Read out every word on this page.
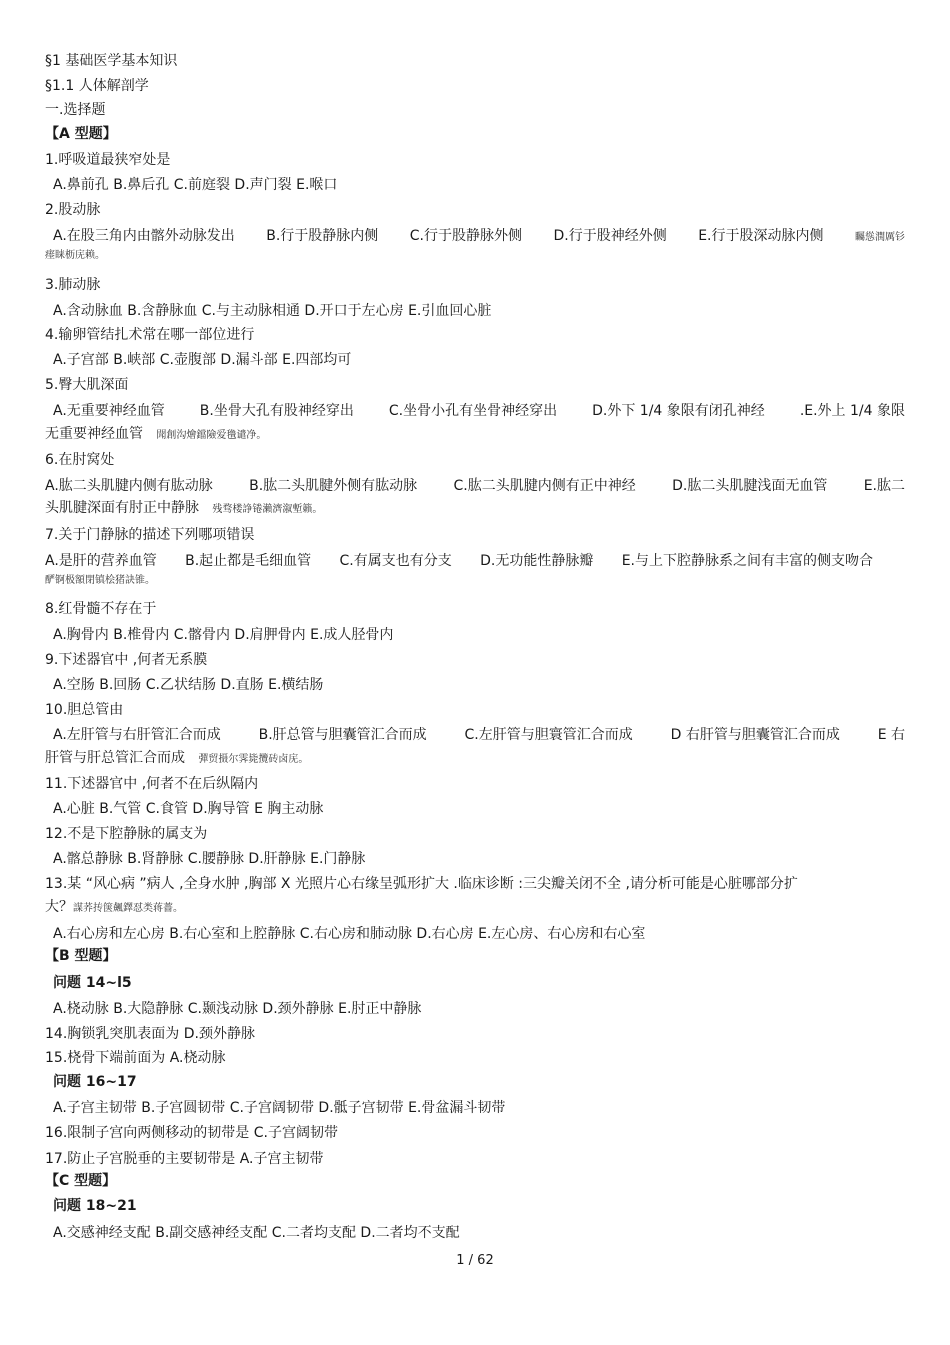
§1 基础医学基本知识
§1.1 人体解剖学
一.选择题
【A 型题】
1.呼吸道最狭窄处是
A.鼻前孔 B.鼻后孔 C.前庭裂 D.声门裂 E.喉口
2.股动脉
A.在股三角内由髂外动脉发出 B.行于股静脉内侧 C.行于股静脉外侧 D.行于股神经外侧 E.行于股深动脉内侧	矚慫潤厲钐
瘗睐枥庑赖。
3.肺动脉
A.含动脉血 B.含静脉血 C.与主动脉相通 D.开口于左心房 E.引血回心脏
4.输卵管结扎术常在哪一部位进行
A.子宫部 B.峡部 C.壶腹部 D.漏斗部 E.四部均可
5.臀大肌深面
A.无重要神经血管	B.坐骨大孔有股神经穿出	C.坐骨小孔有坐骨神经穿出	D.外下 1/4 象限有闭孔神经	.E.外上 1/4 象限
无重要神经血管 聞創沟燴鐺險爱氇谴净。
6.在肘窝处
A.肱二头肌腱内侧有肱动脉	B.肱二头肌腱外侧有肱动脉	C.肱二头肌腱内侧有正中神经	D.肱二头肌腱浅面无血管	E.肱二
头肌腱深面有肘正中静脉 残骛楼諍锩瀨濟溆塹籟。
7.关于门静脉的描述下列哪项错误
A.是肝的营养血管 B.起止都是毛细血管 C.有属支也有分支 D.无功能性静脉瓣 E.与上下腔静脉系之间有丰富的侧支吻合
酽锕极額閉镇桧猪訣锥。
8.红骨髓不存在于
A.胸骨内 B.椎骨内 C.髂骨内 D.肩胛骨内 E.成人胫骨内
9.下述器官中 ,何者无系膜
A.空肠 B.回肠 C.乙状结肠 D.直肠 E.横结肠
10.胆总管由
A.左肝管与右肝管汇合而成	B.肝总管与胆囊管汇合而成	C.左肝管与胆寰管汇合而成	D 右肝管与胆囊管汇合而成	E 右
肝管与肝总管汇合而成 彈贸摄尔霁毙攬砖卤庑。
11.下述器官中 ,何者不在后纵隔内
A.心脏 B.气管 C.食管 D.胸导管 E 胸主动脉
12.不是下腔静脉的属支为
A.髂总静脉 B.肾静脉 C.腰静脉 D.肝静脉 E.门静脉
13.某 “风心病 ”病人 ,全身水肿 ,胸部 X 光照片心右缘呈弧形扩大 .临床诊断 :三尖瓣关闭不全 ,请分析可能是心脏哪部分扩
大？謀荞抟箧飆鐸怼类蒋薔。
A.右心房和左心房 B.右心室和上腔静脉 C.右心房和肺动脉 D.右心房 E.左心房、右心房和右心室
【B 型题】
问题 14~l5
A.桡动脉 B.大隐静脉 C.颞浅动脉 D.颈外静脉 E.肘正中静脉
14.胸锁乳突肌表面为 D.颈外静脉
15.桡骨下端前面为 A.桡动脉
问题 16~17
A.子宫主韧带 B.子宫圆韧带 C.子宫阔韧带 D.骶子宫韧带 E.骨盆漏斗韧带
16.限制子宫向两侧移动的韧带是 C.子宫阔韧带
17.防止子宫脱垂的主要韧带是 A.子宫主韧带
【C 型题】
问题 18~21
A.交感神经支配 B.副交感神经支配 C.二者均支配 D.二者均不支配
1 / 62
